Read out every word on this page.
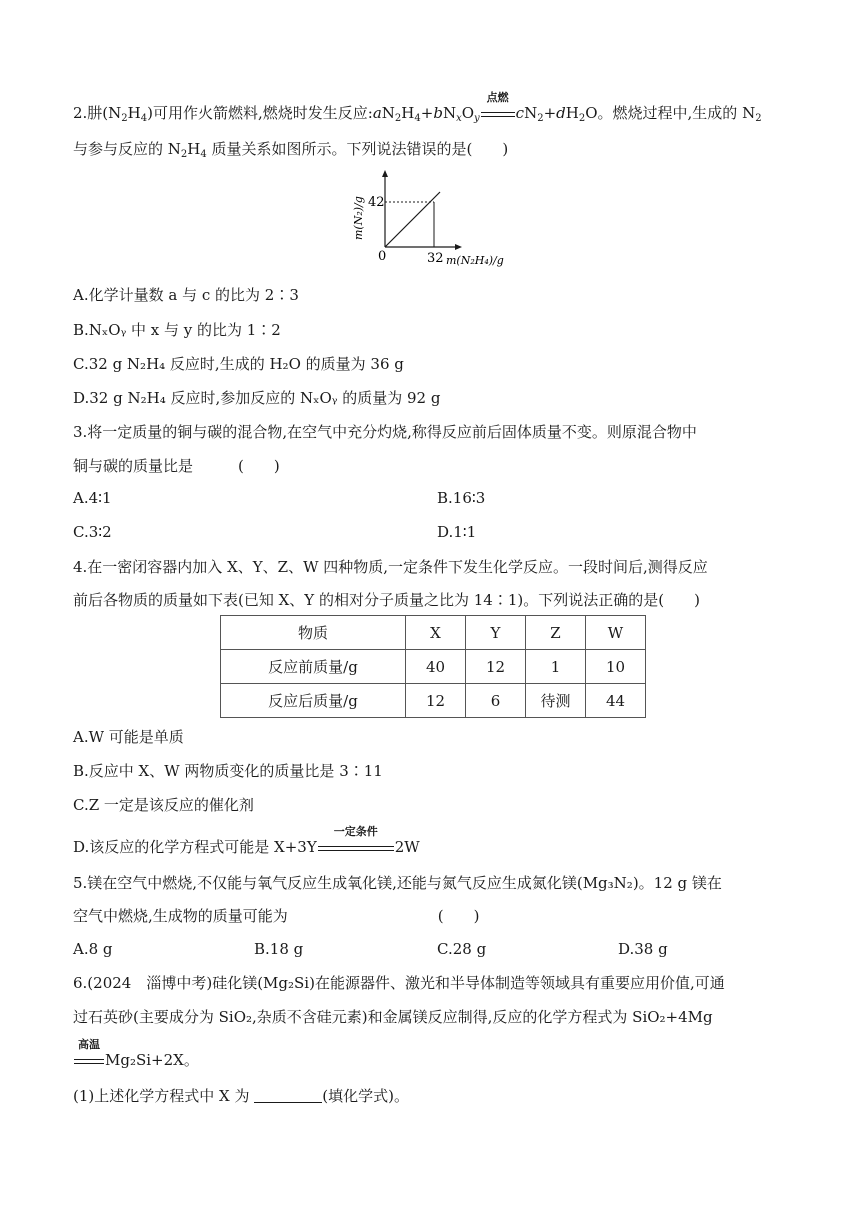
2.肼$(N_2H_4)$可用作火箭燃料,燃烧时发生反应$:aN_2H_4+bN_xO_y$
点燃
$cN_2+dH_2O$。燃烧过程中,生成的 $N_2$
与参与反应的 $N_2H_4$ 质量关系如图所示。下列说法错误的是(　　)
42
32
0	m(N₂H₄)/g
m(N₂)/g
A.化学计量数 a 与 c 的比为 2∶3
B.NₓOᵧ 中 x 与 y 的比为 1∶2
C.32 g N₂H₄ 反应时,生成的 H₂O 的质量为 36 g
D.32 g N₂H₄ 反应时,参加反应的 NₓOᵧ 的质量为 92 g
3.将一定质量的铜与碳的混合物,在空气中充分灼烧,称得反应前后固体质量不变。则原混合物中
铜与碳的质量比是　　　(　　)
A.4∶1	B.16∶3
C.3∶2	D.1∶1
4.在一密闭容器内加入 X、Y、Z、W 四种物质,一定条件下发生化学反应。一段时间后,测得反应
前后各物质的质量如下表(已知 X、Y 的相对分子质量之比为 14∶1)。下列说法正确的是(　　)
物质	X	Y	Z	W
反应前质量/g	40	12	1	10
反应后质量/g	12	6	待测	44
A.W 可能是单质
B.反应中 X、W 两物质变化的质量比是 3∶11
C.Z 一定是该反应的催化剂
D.该反应的化学方程式可能是 X+3Y
一定条件
2W
5.镁在空气中燃烧,不仅能与氧气反应生成氧化镁,还能与氮气反应生成氮化镁(Mg₃N₂)。12 g 镁在
空气中燃烧,生成物的质量可能为　　　　　　　　　　(　　)
A.8 g	B.18 g	C.28 g	D.38 g
6.(2024　淄博中考)硅化镁(Mg₂Si)在能源器件、激光和半导体制造等领域具有重要应用价值,可通
过石英砂(主要成分为 SiO₂,杂质不含硅元素)和金属镁反应制得,反应的化学方程式为 SiO₂+4Mg
高温
Mg₂Si+2X。
(1)上述化学方程式中 X 为	(填化学式)。
